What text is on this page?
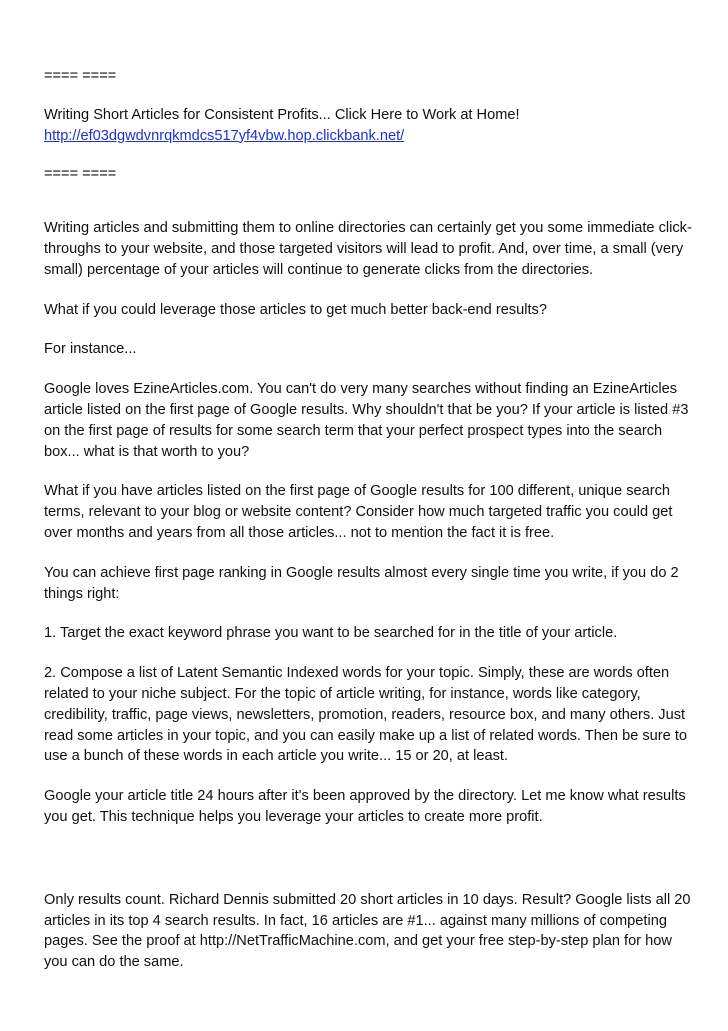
==== ====

Writing Short Articles for Consistent Profits... Click Here to Work at Home!
http://ef03dgwdvnrqkmdcs517yf4vbw.hop.clickbank.net/

==== ====

Writing articles and submitting them to online directories can certainly get you some immediate click-throughs to your website, and those targeted visitors will lead to profit. And, over time, a small (very small) percentage of your articles will continue to generate clicks from the directories.

What if you could leverage those articles to get much better back-end results?

For instance...

Google loves EzineArticles.com. You can't do very many searches without finding an EzineArticles article listed on the first page of Google results. Why shouldn't that be you? If your article is listed #3 on the first page of results for some search term that your perfect prospect types into the search box... what is that worth to you?

What if you have articles listed on the first page of Google results for 100 different, unique search terms, relevant to your blog or website content? Consider how much targeted traffic you could get over months and years from all those articles... not to mention the fact it is free.

You can achieve first page ranking in Google results almost every single time you write, if you do 2 things right:

1. Target the exact keyword phrase you want to be searched for in the title of your article.

2. Compose a list of Latent Semantic Indexed words for your topic. Simply, these are words often related to your niche subject. For the topic of article writing, for instance, words like category, credibility, traffic, page views, newsletters, promotion, readers, resource box, and many others. Just read some articles in your topic, and you can easily make up a list of related words. Then be sure to use a bunch of these words in each article you write... 15 or 20, at least.

Google your article title 24 hours after it's been approved by the directory. Let me know what results you get. This technique helps you leverage your articles to create more profit.

Only results count. Richard Dennis submitted 20 short articles in 10 days. Result? Google lists all 20 articles in its top 4 search results. In fact, 16 articles are #1... against many millions of competing pages. See the proof at http://NetTrafficMachine.com, and get your free step-by-step plan for how you can do the same.
